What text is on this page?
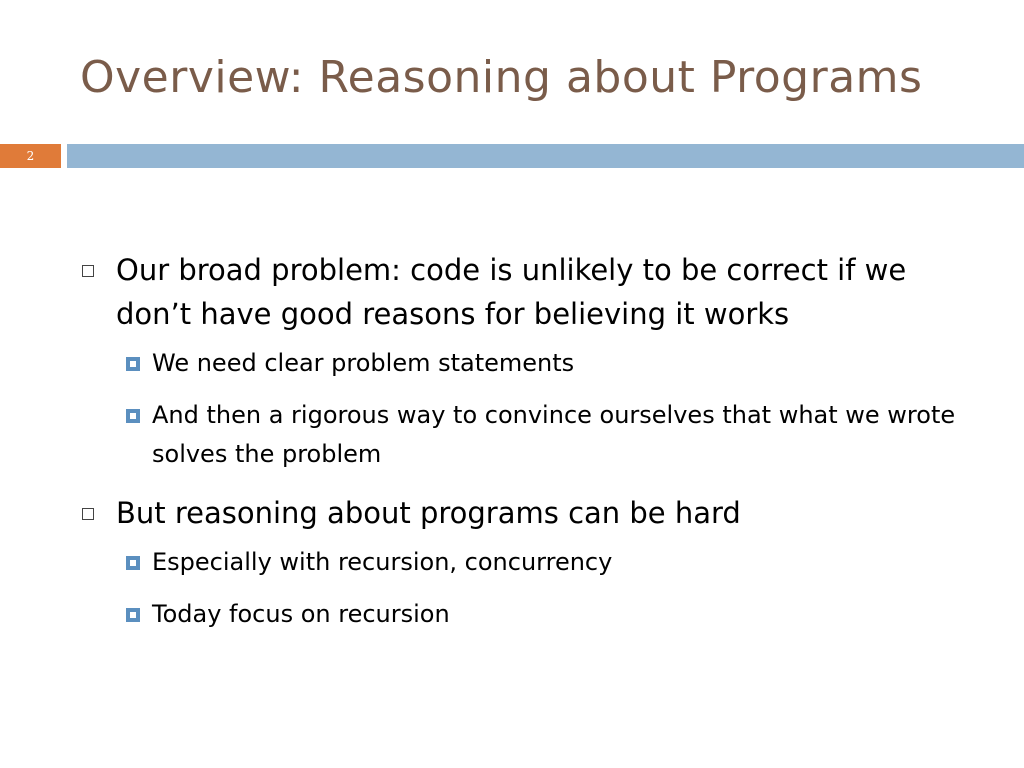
Overview: Reasoning about Programs
2
Our broad problem: code is unlikely to be correct if we don’t have good reasons for believing it works
We need clear problem statements
And then a rigorous way to convince ourselves that what we wrote solves the problem
But reasoning about programs can be hard
Especially with recursion, concurrency
Today focus on recursion
